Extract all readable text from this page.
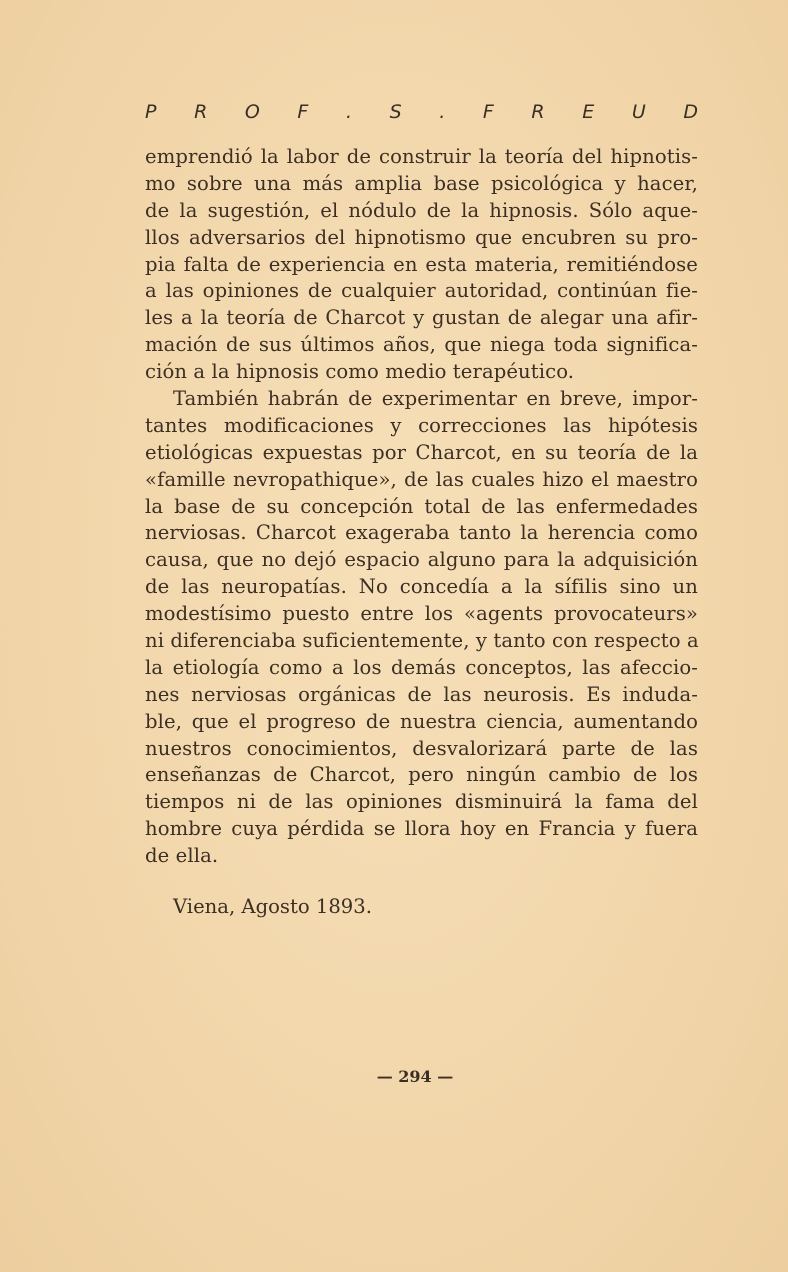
P R O F . S . F R E U D
emprendió la labor de construir la teoría del hipnotis-
mo sobre una más amplia base psicológica y hacer,
de la sugestión, el nódulo de la hipnosis. Sólo aque-
llos adversarios del hipnotismo que encubren su pro-
pia falta de experiencia en esta materia, remitiéndose
a las opiniones de cualquier autoridad, continúan fie-
les a la teoría de Charcot y gustan de alegar una afir-
mación de sus últimos años, que niega toda significa-
ción a la hipnosis como medio terapéutico.
También habrán de experimentar en breve, impor-
tantes modificaciones y correcciones las hipótesis
etiológicas expuestas por Charcot, en su teoría de la
«famille nevropathique», de las cuales hizo el maestro
la base de su concepción total de las enfermedades
nerviosas. Charcot exageraba tanto la herencia como
causa, que no dejó espacio alguno para la adquisición
de las neuropatías. No concedía a la sífilis sino un
modestísimo puesto entre los «agents provocateurs»
ni diferenciaba suficientemente, y tanto con respecto a
la etiología como a los demás conceptos, las afeccio-
nes nerviosas orgánicas de las neurosis. Es induda-
ble, que el progreso de nuestra ciencia, aumentando
nuestros conocimientos, desvalorizará parte de las
enseñanzas de Charcot, pero ningún cambio de los
tiempos ni de las opiniones disminuirá la fama del
hombre cuya pérdida se llora hoy en Francia y fuera
de ella.
Viena, Agosto 1893.
— 294 —
